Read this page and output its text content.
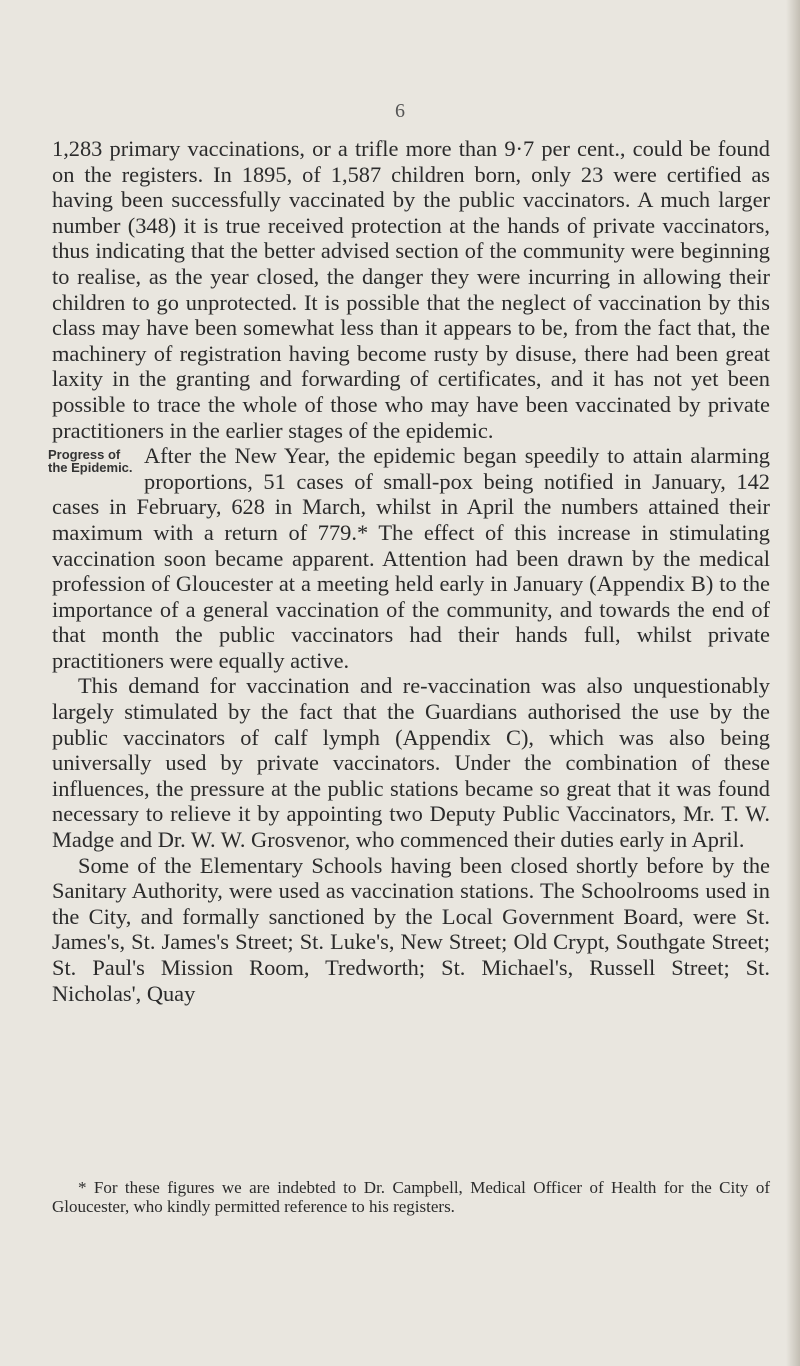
6

1,283 primary vaccinations, or a trifle more than 9·7 per cent., could be found on the registers. In 1895, of 1,587 children born, only 23 were certified as having been successfully vaccinated by the public vaccinators. A much larger number (348) it is true received protection at the hands of private vaccinators, thus indicating that the better advised section of the community were beginning to realise, as the year closed, the danger they were incurring in allowing their children to go unprotected. It is possible that the neglect of vaccination by this class may have been somewhat less than it appears to be, from the fact that, the machinery of registration having become rusty by disuse, there had been great laxity in the granting and forwarding of certificates, and it has not yet been possible to trace the whole of those who may have been vaccinated by private practitioners in the earlier stages of the epidemic.

Progress of
the Epidemic. After the New Year, the epidemic began speedily to attain alarming proportions, 51 cases of small-pox being notified in January, 142 cases in February, 628 in March, whilst in April the numbers attained their maximum with a return of 779.* The effect of this increase in stimulating vaccination soon became apparent. Attention had been drawn by the medical profession of Gloucester at a meeting held early in January (Appendix B) to the importance of a general vaccination of the community, and towards the end of that month the public vaccinators had their hands full, whilst private practitioners were equally active.

This demand for vaccination and re-vaccination was also unquestionably largely stimulated by the fact that the Guardians authorised the use by the public vaccinators of calf lymph (Appendix C), which was also being universally used by private vaccinators. Under the combination of these influences, the pressure at the public stations became so great that it was found necessary to relieve it by appointing two Deputy Public Vaccinators, Mr. T. W. Madge and Dr. W. W. Grosvenor, who commenced their duties early in April.

Some of the Elementary Schools having been closed shortly before by the Sanitary Authority, were used as vaccination stations. The Schoolrooms used in the City, and formally sanctioned by the Local Government Board, were St. James's, St. James's Street; St. Luke's, New Street; Old Crypt, Southgate Street; St. Paul's Mission Room, Tredworth; St. Michael's, Russell Street; St. Nicholas', Quay

* For these figures we are indebted to Dr. Campbell, Medical Officer of Health for the City of Gloucester, who kindly permitted reference to his registers.
